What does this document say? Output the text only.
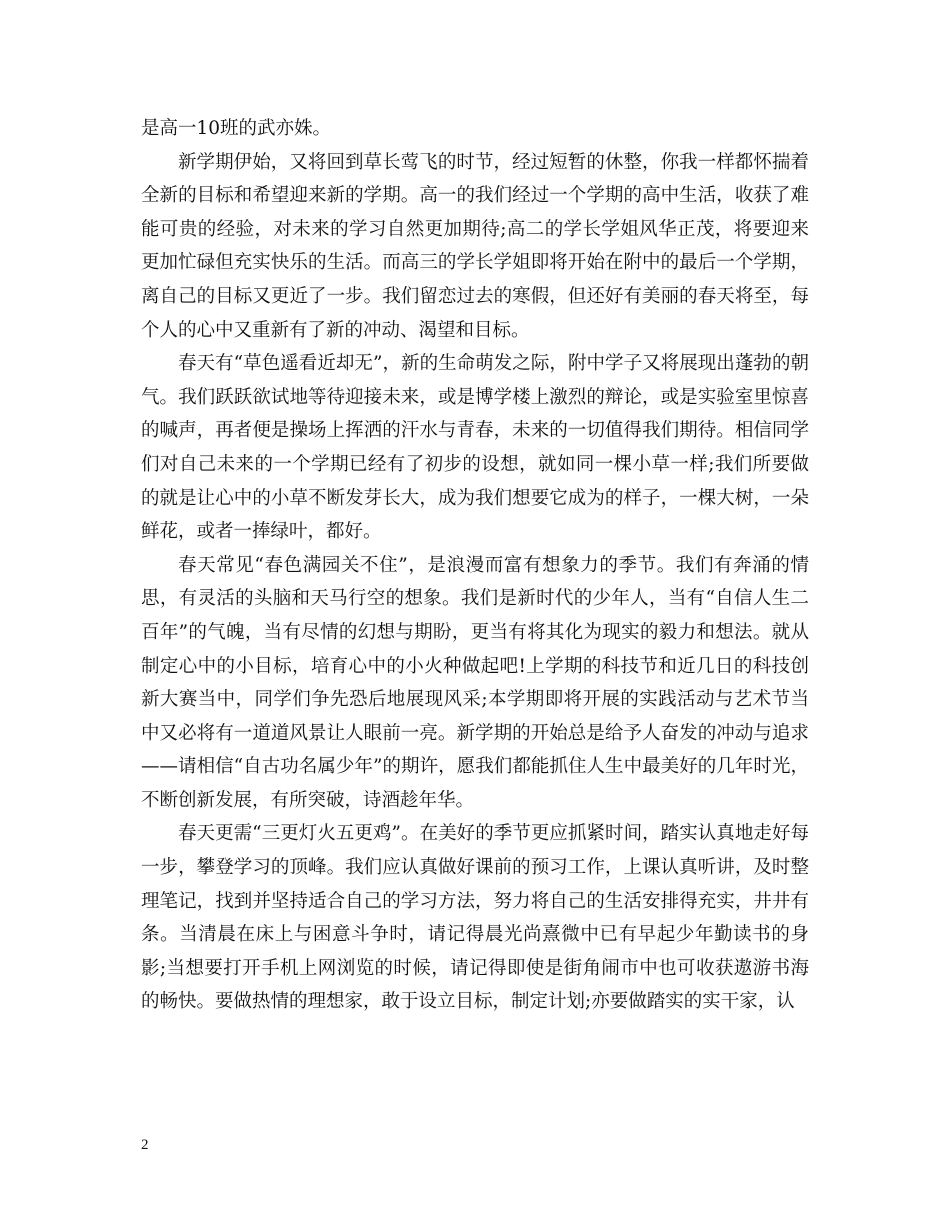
是高一10班的武亦姝。

新学期伊始，又将回到草长莺飞的时节，经过短暂的休整，你我一样都怀揣着全新的目标和希望迎来新的学期。高一的我们经过一个学期的高中生活，收获了难能可贵的经验，对未来的学习自然更加期待;高二的学长学姐风华正茂，将要迎来更加忙碌但充实快乐的生活。而高三的学长学姐即将开始在附中的最后一个学期，离自己的目标又更近了一步。我们留恋过去的寒假，但还好有美丽的春天将至，每个人的心中又重新有了新的冲动、渴望和目标。

春天有“草色遥看近却无”，新的生命萌发之际，附中学子又将展现出蓬勃的朝气。我们跃跃欲试地等待迎接未来，或是博学楼上激烈的辩论，或是实验室里惊喜的喊声，再者便是操场上挥洒的汗水与青春，未来的一切值得我们期待。相信同学们对自己未来的一个学期已经有了初步的设想，就如同一棵小草一样;我们所要做的就是让心中的小草不断发芽长大，成为我们想要它成为的样子，一棵大树，一朵鲜花，或者一捧绿叶，都好。

春天常见“春色满园关不住”，是浪漫而富有想象力的季节。我们有奔涌的情思，有灵活的头脑和天马行空的想象。我们是新时代的少年人，当有“自信人生二百年”的气魄，当有尽情的幻想与期盼，更当有将其化为现实的毅力和想法。就从制定心中的小目标，培育心中的小火种做起吧!上学期的科技节和近几日的科技创新大赛当中，同学们争先恐后地展现风采;本学期即将开展的实践活动与艺术节当中又必将有一道道风景让人眼前一亮。新学期的开始总是给予人奋发的冲动与追求——请相信“自古功名属少年”的期许，愿我们都能抓住人生中最美好的几年时光，不断创新发展，有所突破，诗酒趁年华。

春天更需“三更灯火五更鸡”。在美好的季节更应抓紧时间，踏实认真地走好每一步，攀登学习的顶峰。我们应认真做好课前的预习工作，上课认真听讲，及时整理笔记，找到并坚持适合自己的学习方法，努力将自己的生活安排得充实，井井有条。当清晨在床上与困意斗争时，请记得晨光尚熹微中已有早起少年勤读书的身影;当想要打开手机上网浏览的时候，请记得即使是街角闹市中也可收获遨游书海的畅快。要做热情的理想家，敢于设立目标，制定计划;亦要做踏实的实干家，认

2
